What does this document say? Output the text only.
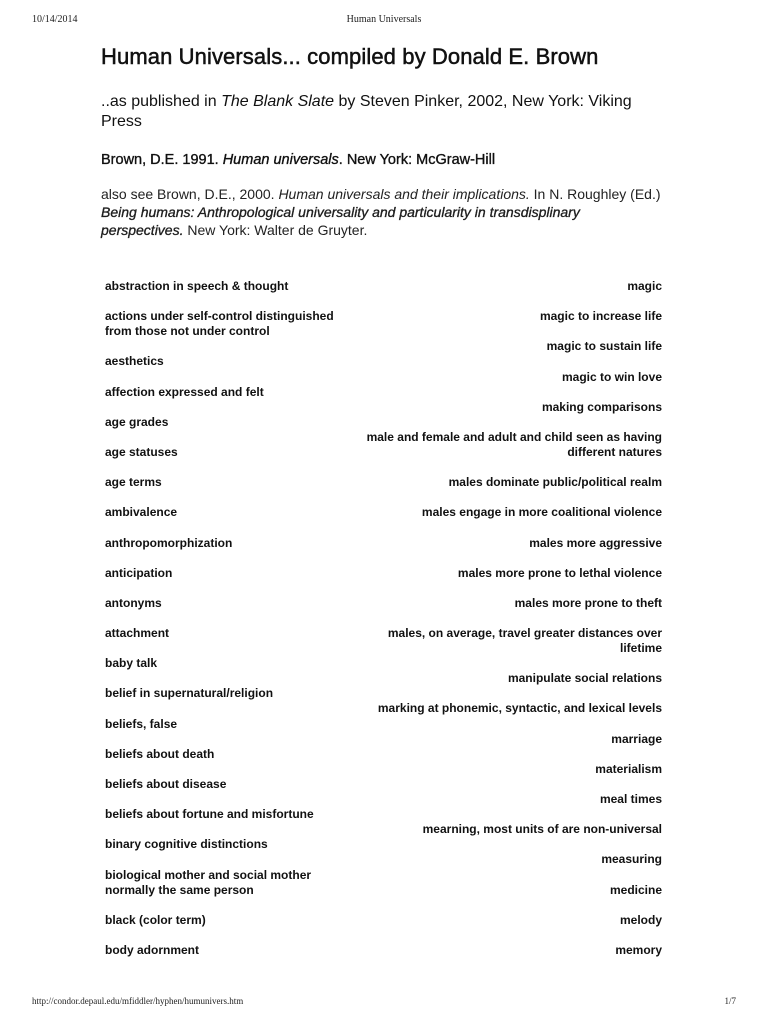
10/14/2014	Human Universals
Human Universals... compiled by Donald E. Brown
..as published in The Blank Slate by Steven Pinker, 2002, New York: Viking Press
Brown, D.E. 1991. Human universals. New York: McGraw-Hill
also see Brown, D.E., 2000. Human universals and their implications. In N. Roughley (Ed.) Being humans: Anthropological universality and particularity in transdisplinary perspectives. New York: Walter de Gruyter.
abstraction in speech & thought
actions under self-control distinguished from those not under control
aesthetics
affection expressed and felt
age grades
age statuses
age terms
ambivalence
anthropomorphization
anticipation
antonyms
attachment
baby talk
belief in supernatural/religion
beliefs, false
beliefs about death
beliefs about disease
beliefs about fortune and misfortune
binary cognitive distinctions
biological mother and social mother normally the same person
black (color term)
body adornment
magic
magic to increase life
magic to sustain life
magic to win love
making comparisons
male and female and adult and child seen as having different natures
males dominate public/political realm
males engage in more coalitional violence
males more aggressive
males more prone to lethal violence
males more prone to theft
males, on average, travel greater distances over lifetime
manipulate social relations
marking at phonemic, syntactic, and lexical levels
marriage
materialism
meal times
mearning, most units of are non-universal
measuring
medicine
melody
memory
http://condor.depaul.edu/mfiddler/hyphen/humunivers.htm	1/7
